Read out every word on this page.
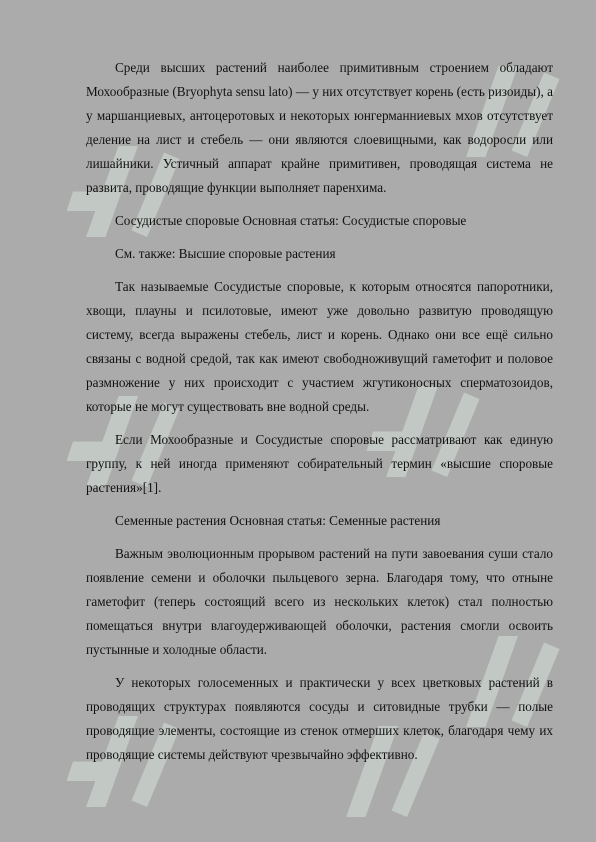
Среди высших растений наиболее примитивным строением обладают Мохообразные (Bryophyta sensu lato) — у них отсутствует корень (есть ризоиды), а у маршанциевых, антоцеротовых и некоторых юнгерманниевых мхов отсутствует деление на лист и стебель — они являются слоевищными, как водоросли или лишайники. Устичный аппарат крайне примитивен, проводящая система не развита, проводящие функции выполняет паренхима.

Сосудистые споровые Основная статья: Сосудистые споровые

См. также: Высшие споровые растения

Так называемые Сосудистые споровые, к которым относятся папоротники, хвощи, плауны и псилотовые, имеют уже довольно развитую проводящую систему, всегда выражены стебель, лист и корень. Однако они все ещё сильно связаны с водной средой, так как имеют свободноживущий гаметофит и половое размножение у них происходит с участием жгутиконосных сперматозоидов, которые не могут существовать вне водной среды.

Если Мохообразные и Сосудистые споровые рассматривают как единую группу, к ней иногда применяют собирательный термин «высшие споровые растения»[1].

Семенные растения Основная статья: Семенные растения

Важным эволюционным прорывом растений на пути завоевания суши стало появление семени и оболочки пыльцевого зерна. Благодаря тому, что отныне гаметофит (теперь состоящий всего из нескольких клеток) стал полностью помещаться внутри влагоудерживающей оболочки, растения смогли освоить пустынные и холодные области.

У некоторых голосеменных и практически у всех цветковых растений в проводящих структурах появляются сосуды и ситовидные трубки — полые проводящие элементы, состоящие из стенок отмерших клеток, благодаря чему их проводящие системы действуют чрезвычайно эффективно.
